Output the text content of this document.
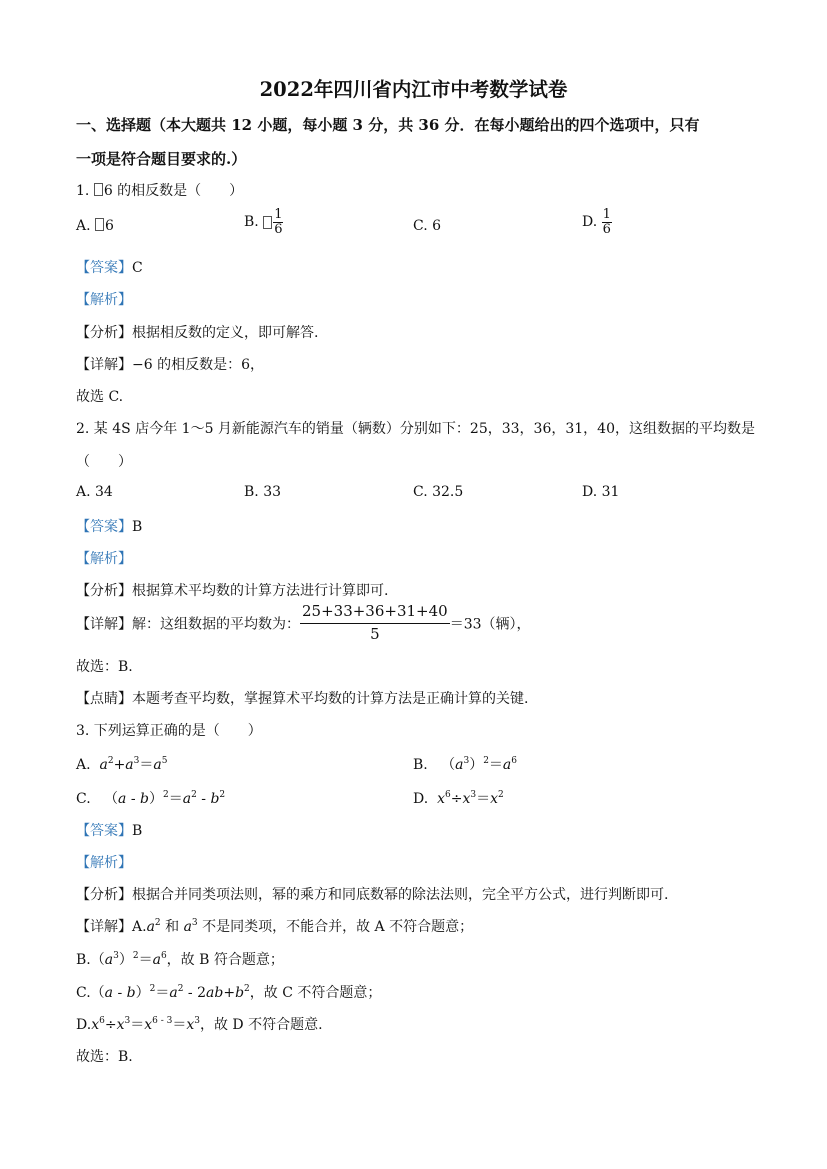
2022年四川省内江市中考数学试卷
一、选择题（本大题共 12 小题，每小题 3 分，共 36 分．在每小题给出的四个选项中，只有
一项是符合题目要求的.）
1. 6 的相反数是（　　）
A. 6	B. $\frac{1}{6}$	C. 6	D. $\frac{1}{6}$
【答案】C
【解析】
【分析】根据相反数的定义，即可解答.
【详解】−6 的相反数是：6，
故选 C.
2. 某 4S 店今年 1～5 月新能源汽车的销量（辆数）分别如下：25，33，36，31，40，这组数据的平均数是
（　　）
A. 34	B. 33	C. 32.5	D. 31
【答案】B
【解析】
【分析】根据算术平均数的计算方法进行计算即可.
【详解】解：这组数据的平均数为： $\frac{25+33+36+31+40}{5} =33$（辆），
故选：B.
【点睛】本题考查平均数，掌握算术平均数的计算方法是正确计算的关键.
3. 下列运算正确的是（　　）
A.  $a^2+a^3=a^5$	B.   $(a^3)^2=a^6$
C.   $(a - b)^2=a^2 - b^2$	D.  $x^6\div x^3=x^2$
【答案】B
【解析】
【分析】根据合并同类项法则，幂的乘方和同底数幂的除法法则，完全平方公式，进行判断即可.
【详解】$A.a^2$ 和 $a^3$ 不是同类项，不能合并，故 A 不符合题意；
$B.(a^3)^2=a^6$，故 B 符合题意；
$C.(a - b)^2=a^2 - 2ab+b^2$，故 C 不符合题意；
$D.x^6\div x^3=x^{6 - 3}=x^3$，故 D 不符合题意.
故选：B.
